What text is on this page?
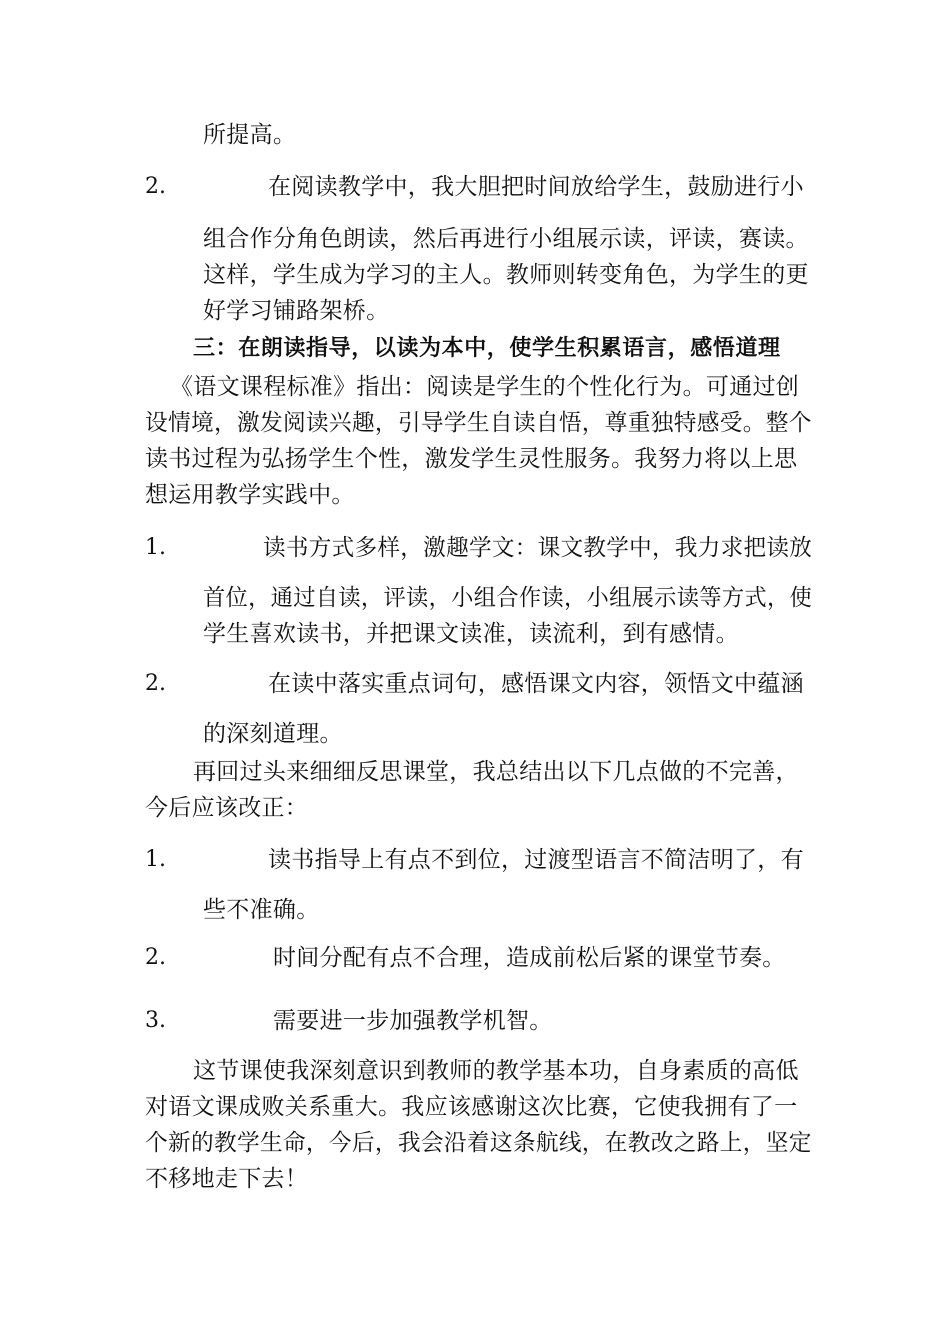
所提高。
2.	在阅读教学中，我大胆把时间放给学生，鼓励进行小
组合作分角色朗读，然后再进行小组展示读，评读，赛读。
这样，学生成为学习的主人。教师则转变角色，为学生的更
好学习铺路架桥。
三：在朗读指导，以读为本中，使学生积累语言，感悟道理
《语文课程标准》指出：阅读是学生的个性化行为。可通过创
设情境，激发阅读兴趣，引导学生自读自悟，尊重独特感受。整个
读书过程为弘扬学生个性，激发学生灵性服务。我努力将以上思
想运用教学实践中。
1.	读书方式多样，激趣学文：课文教学中，我力求把读放
首位，通过自读，评读，小组合作读，小组展示读等方式，使
学生喜欢读书，并把课文读准，读流利，到有感情。
2.	在读中落实重点词句，感悟课文内容，领悟文中蕴涵
的深刻道理。
再回过头来细细反思课堂，我总结出以下几点做的不完善，
今后应该改正：
1.	读书指导上有点不到位，过渡型语言不简洁明了，有
些不准确。
2.	时间分配有点不合理，造成前松后紧的课堂节奏。
3.	需要进一步加强教学机智。
这节课使我深刻意识到教师的教学基本功，自身素质的高低
对语文课成败关系重大。我应该感谢这次比赛，它使我拥有了一
个新的教学生命，今后，我会沿着这条航线，在教改之路上，坚定
不移地走下去！
